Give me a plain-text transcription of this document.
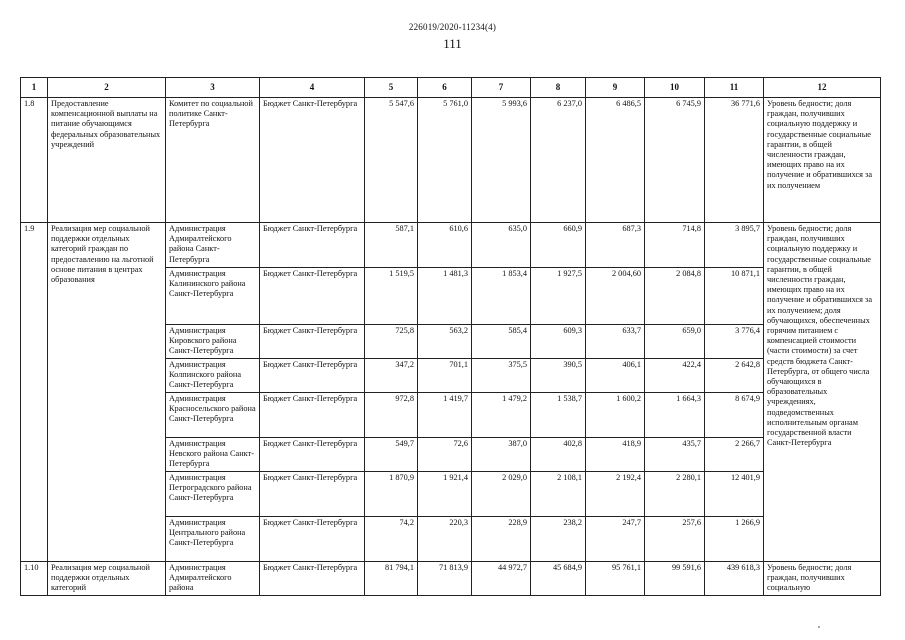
226019/2020-11234(4)
111
1	2	3	4	5	6	7	8	9	10	11	12
1.8	Предоставление компенсационной выплаты на питание обучающимся федеральных образовательных учреждений	Комитет по социальной политике Санкт-Петербурга	Бюджет Санкт-Петербурга	5 547,6	5 761,0	5 993,6	6 237,0	6 486,5	6 745,9	36 771,6	Уровень бедности; доля граждан, получивших социальную поддержку и государственные социальные гарантии, в общей численности граждан, имеющих право на их получение и обратившихся за их получением
1.9	Реализация мер социальной поддержки отдельных категорий граждан по предоставлению на льготной основе питания в центрах образования	Администрация Адмиралтейского района Санкт-Петербурга	Бюджет Санкт-Петербурга	587,1	610,6	635,0	660,9	687,3	714,8	3 895,7	Уровень бедности; доля граждан, получивших социальную поддержку и государственные социальные гарантии, в общей численности граждан, имеющих право на их получение и обратившихся за их получением; доля обучающихся, обеспеченных горячим питанием с компенсацией стоимости (части стоимости) за счет средств бюджета Санкт-Петербурга, от общего числа обучающихся в образовательных учреждениях, подведомственных исполнительным органам государственной власти Санкт-Петербурга
		Администрация Калининского района Санкт-Петербурга	Бюджет Санкт-Петербурга	1 519,5	1 481,3	1 853,4	1 927,5	2 004,60	2 084,8	10 871,1	
		Администрация Кировского района Санкт-Петербурга	Бюджет Санкт-Петербурга	725,8	563,2	585,4	609,3	633,7	659,0	3 776,4	
		Администрация Колпинского района Санкт-Петербурга	Бюджет Санкт-Петербурга	347,2	701,1	375,5	390,5	406,1	422,4	2 642,8	
		Администрация Красносельского района Санкт-Петербурга	Бюджет Санкт-Петербурга	972,8	1 419,7	1 479,2	1 538,7	1 600,2	1 664,3	8 674,9	
		Администрация Невского района Санкт-Петербурга	Бюджет Санкт-Петербурга	549,7	72,6	387,0	402,8	418,9	435,7	2 266,7	
		Администрация Петроградского района Санкт-Петербурга	Бюджет Санкт-Петербурга	1 870,9	1 921,4	2 029,0	2 108,1	2 192,4	2 280,1	12 401,9	
		Администрация Центрального района Санкт-Петербурга	Бюджет Санкт-Петербурга	74,2	220,3	228,9	238,2	247,7	257,6	1 266,9	
1.10	Реализация мер социальной поддержки отдельных категорий	Администрация Адмиралтейского района	Бюджет Санкт-Петербурга	81 794,1	71 813,9	44 972,7	45 684,9	95 761,1	99 591,6	439 618,3	Уровень бедности; доля граждан, получивших социальную
